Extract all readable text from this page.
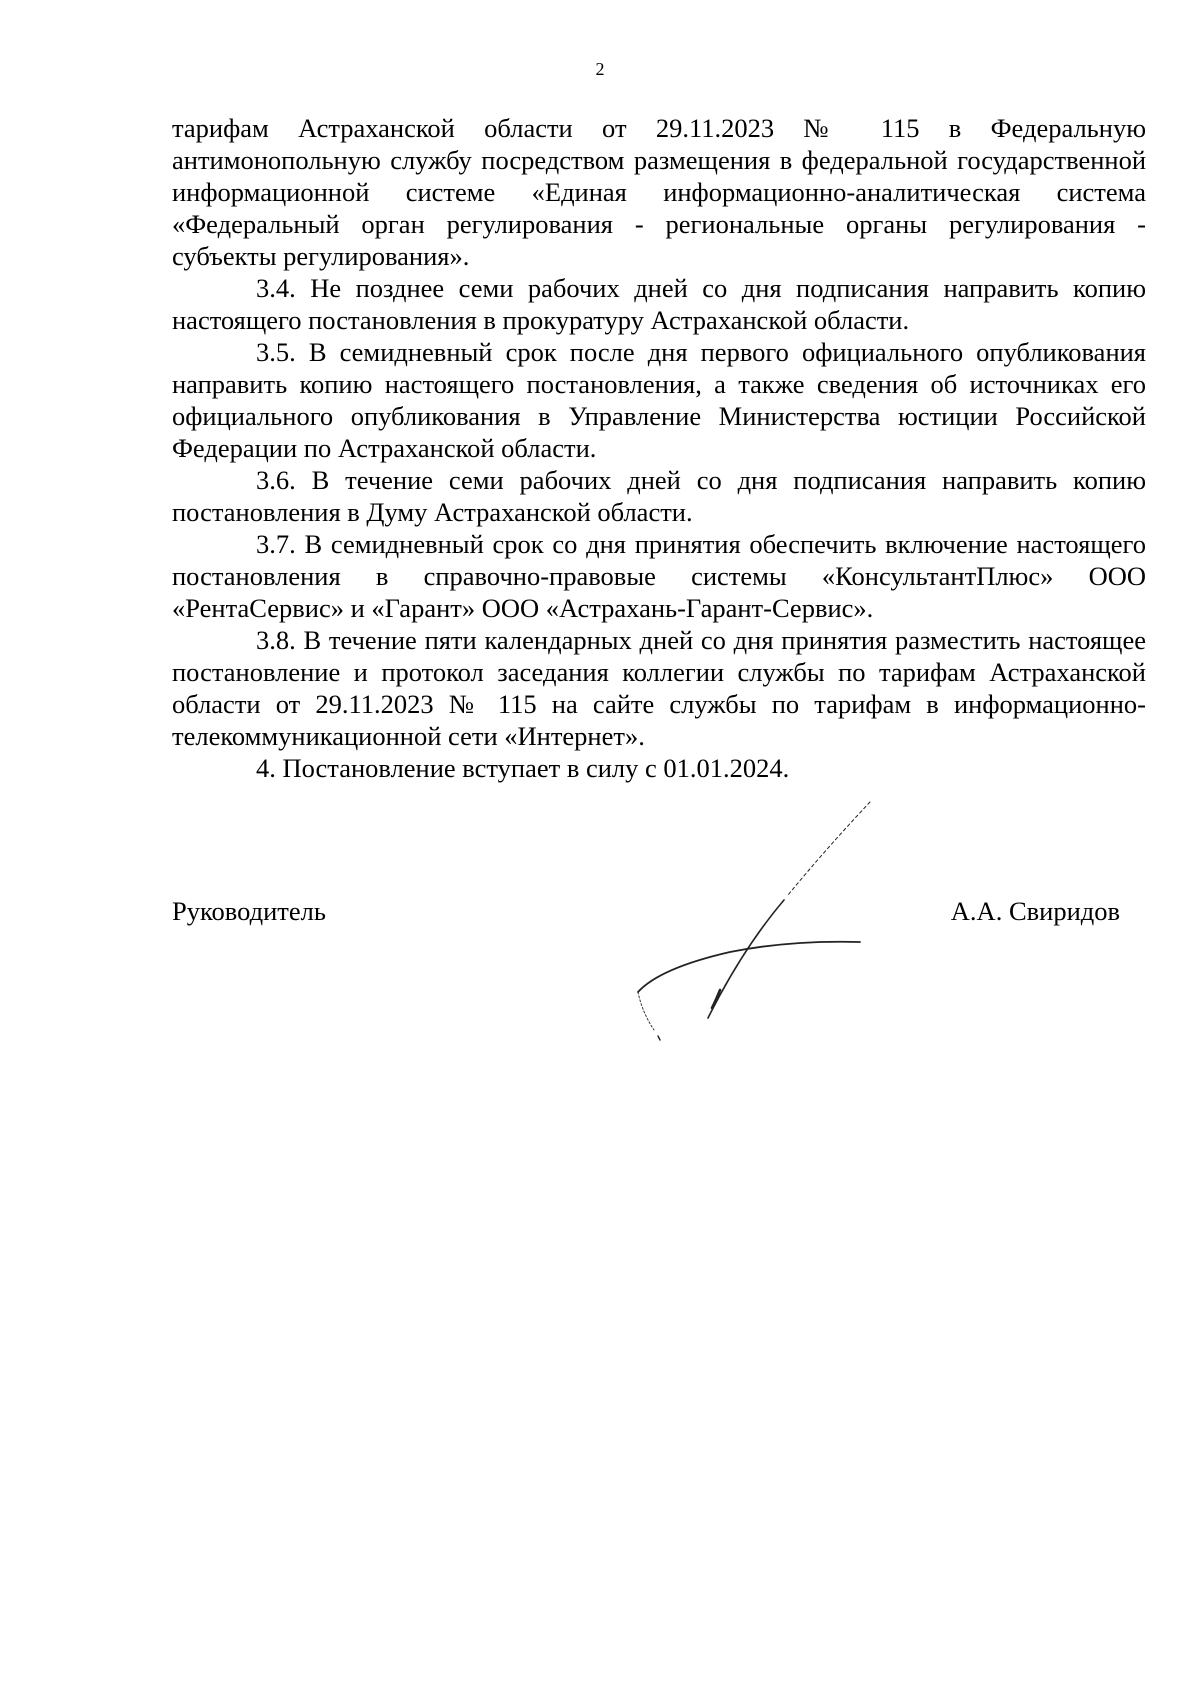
2

тарифам Астраханской области от 29.11.2023 № 115 в Федеральную антимонопольную службу посредством размещения в федеральной государственной информационной системе «Единая информационно-аналитическая система «Федеральный орган регулирования - региональные органы регулирования - субъекты регулирования».

3.4. Не позднее семи рабочих дней со дня подписания направить копию настоящего постановления в прокуратуру Астраханской области.

3.5. В семидневный срок после дня первого официального опубликования направить копию настоящего постановления, а также сведения об источниках его официального опубликования в Управление Министерства юстиции Российской Федерации по Астраханской области.

3.6. В течение семи рабочих дней со дня подписания направить копию постановления в Думу Астраханской области.

3.7. В семидневный срок со дня принятия обеспечить включение настоящего постановления в справочно-правовые системы «КонсультантПлюс» ООО «РентаСервис» и «Гарант» ООО «Астрахань-Гарант-Сервис».

3.8. В течение пяти календарных дней со дня принятия разместить настоящее постановление и протокол заседания коллегии службы по тарифам Астраханской области от 29.11.2023 № 115 на сайте службы по тарифам в информационно-телекоммуникационной сети «Интернет».

4. Постановление вступает в силу с 01.01.2024.

Руководитель	А.А. Свиридов
